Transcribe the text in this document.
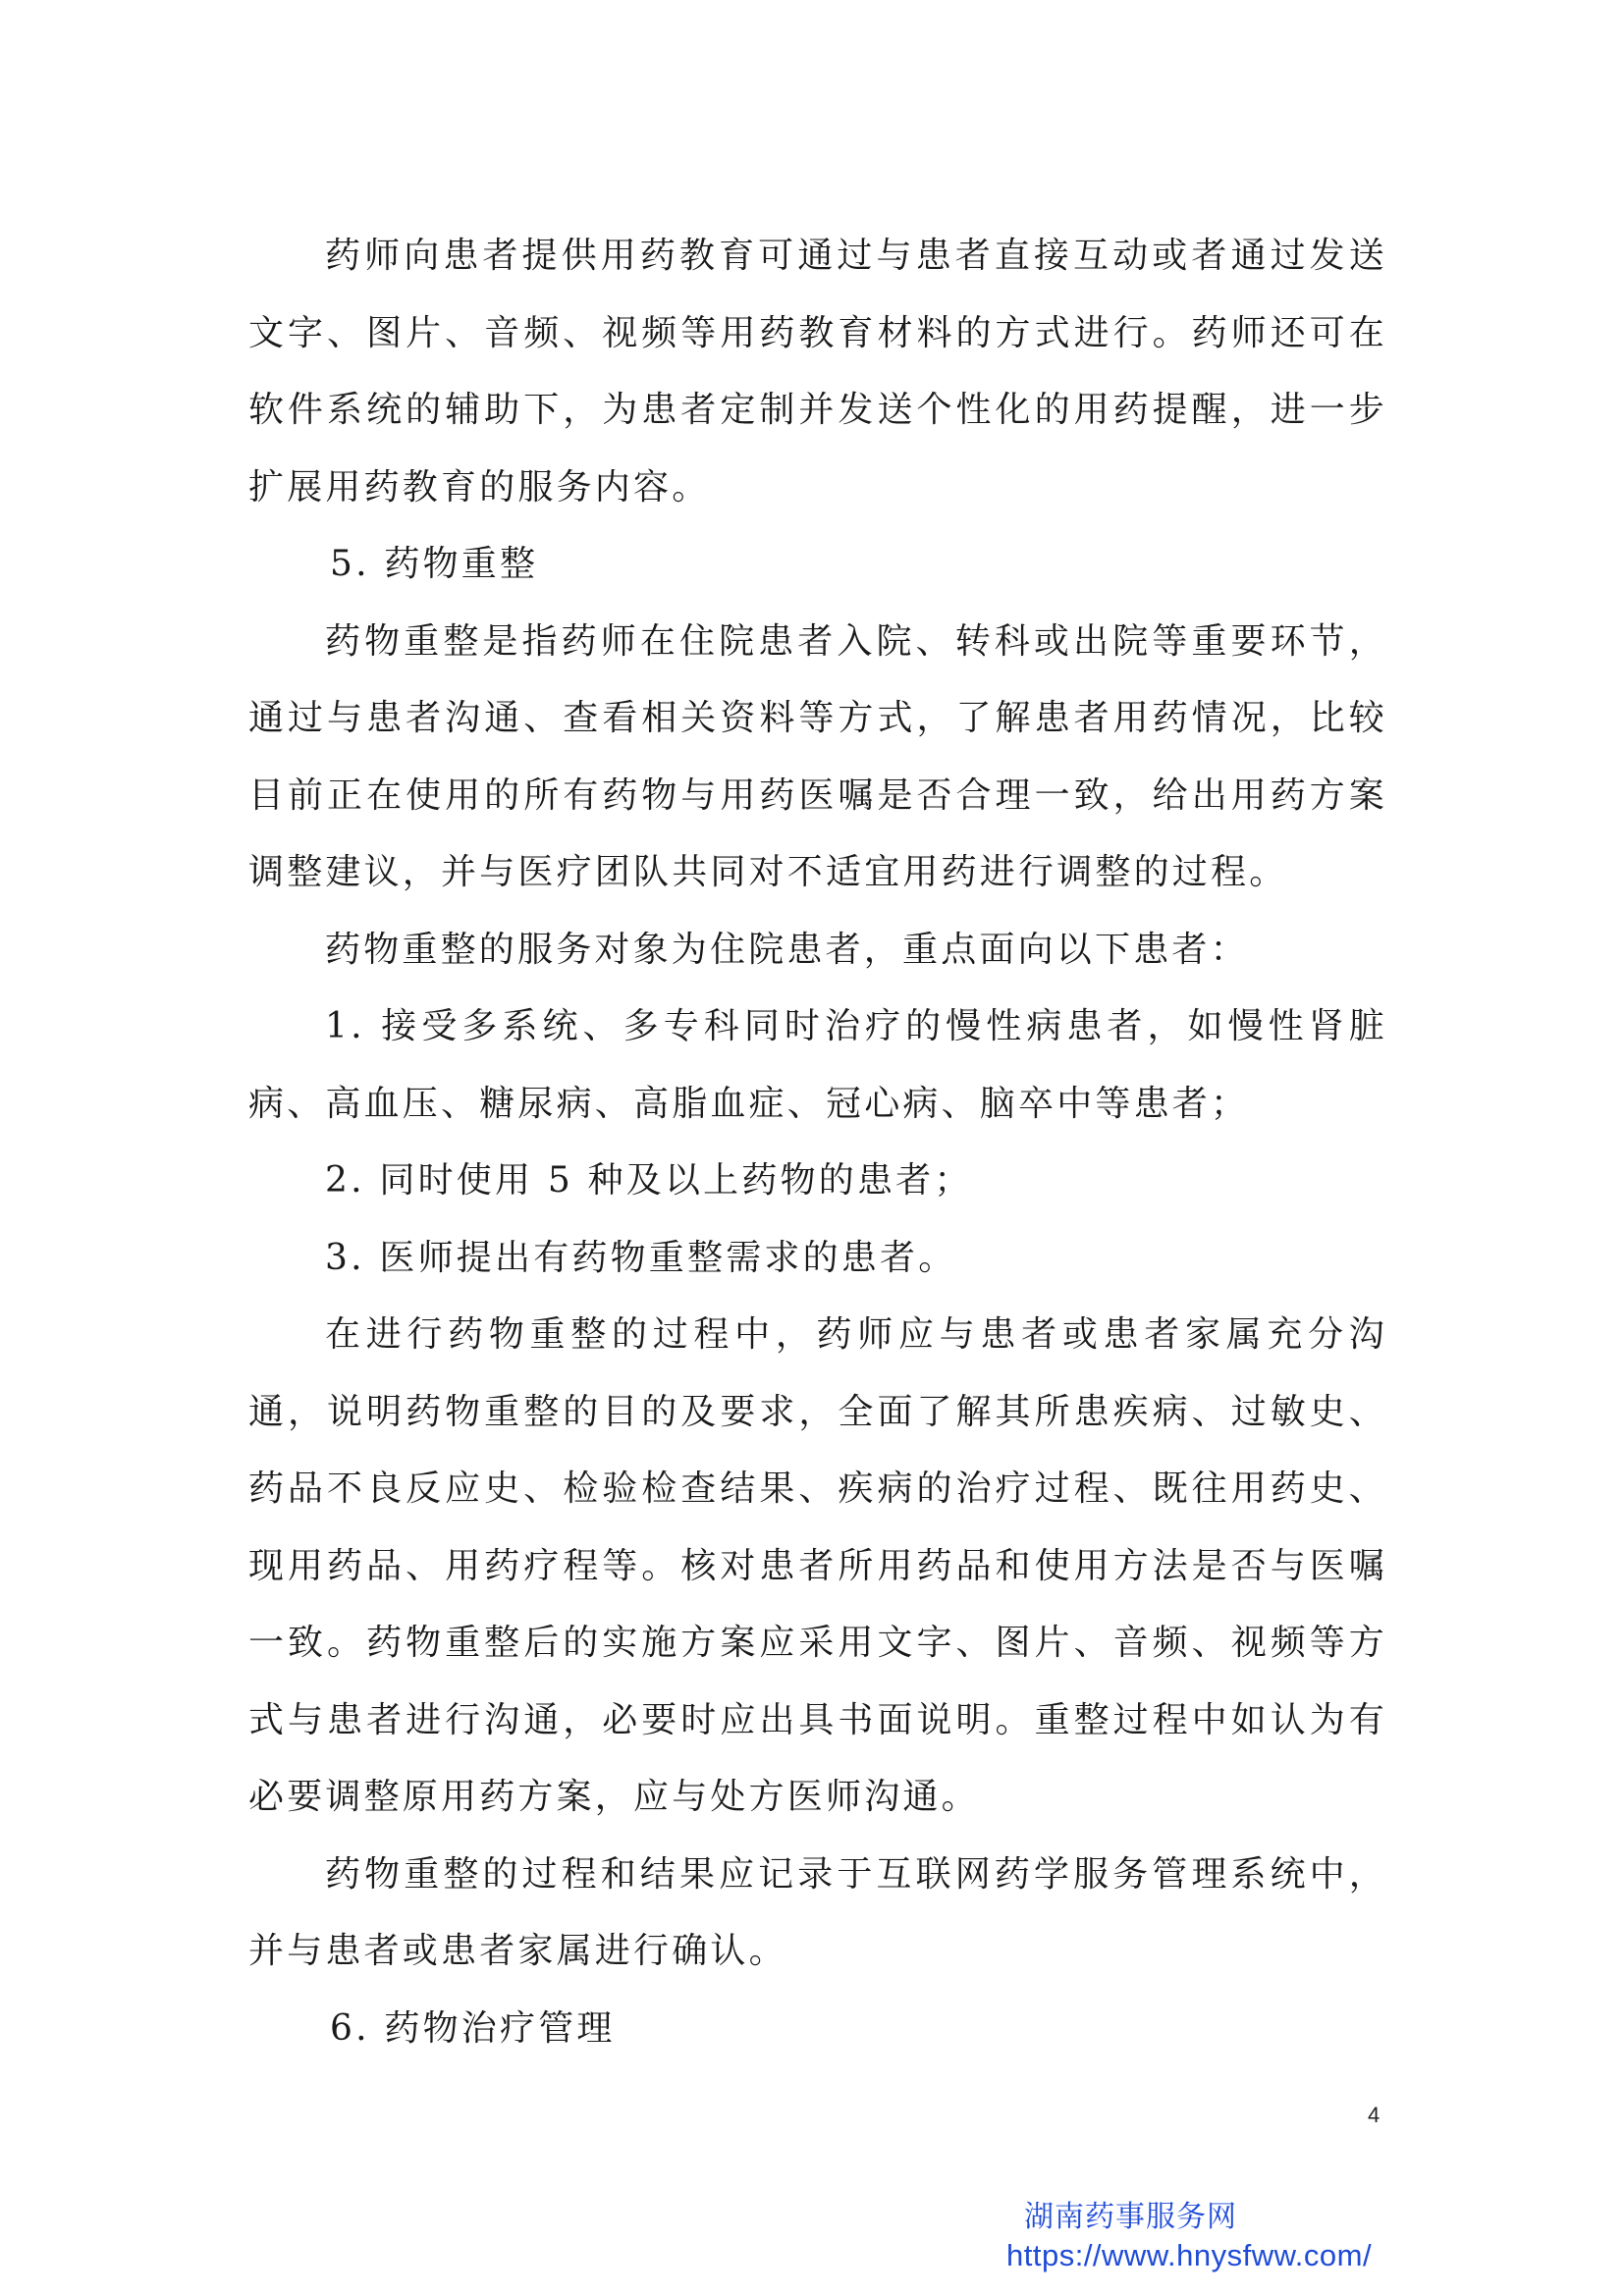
药师向患者提供用药教育可通过与患者直接互动或者通过发送文字、图片、音频、视频等用药教育材料的方式进行。药师还可在软件系统的辅助下，为患者定制并发送个性化的用药提醒，进一步扩展用药教育的服务内容。

5. 药物重整

药物重整是指药师在住院患者入院、转科或出院等重要环节，通过与患者沟通、查看相关资料等方式，了解患者用药情况，比较目前正在使用的所有药物与用药医嘱是否合理一致，给出用药方案调整建议，并与医疗团队共同对不适宜用药进行调整的过程。

药物重整的服务对象为住院患者，重点面向以下患者：

1. 接受多系统、多专科同时治疗的慢性病患者，如慢性肾脏病、高血压、糖尿病、高脂血症、冠心病、脑卒中等患者；

2. 同时使用 5 种及以上药物的患者；

3. 医师提出有药物重整需求的患者。

在进行药物重整的过程中，药师应与患者或患者家属充分沟通，说明药物重整的目的及要求，全面了解其所患疾病、过敏史、药品不良反应史、检验检查结果、疾病的治疗过程、既往用药史、现用药品、用药疗程等。核对患者所用药品和使用方法是否与医嘱一致。药物重整后的实施方案应采用文字、图片、音频、视频等方式与患者进行沟通，必要时应出具书面说明。重整过程中如认为有必要调整原用药方案，应与处方医师沟通。

药物重整的过程和结果应记录于互联网药学服务管理系统中，并与患者或患者家属进行确认。

6. 药物治疗管理

4
湖南药事服务网
https://www.hnysfww.com/
